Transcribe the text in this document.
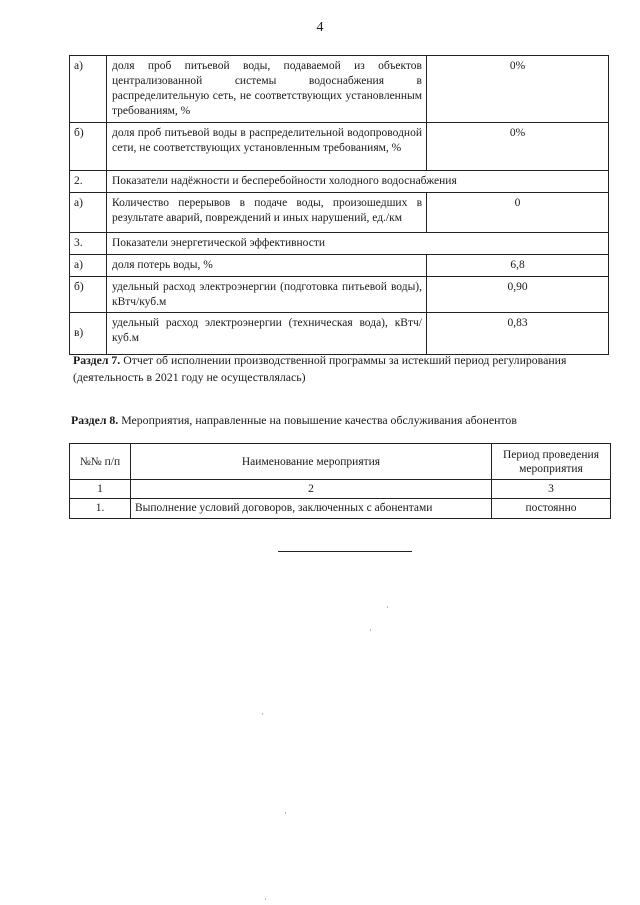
4
а)	доля проб питьевой воды, подаваемой из объектов централизованной системы водоснабжения в распределительную сеть, не соответствующих установленным требованиям, %	0%
б)	доля проб питьевой воды в распределительной водопроводной сети, не соответствующих установленным требованиям, %	0%
2.	Показатели надёжности и бесперебойности холодного водоснабжения	
а)	Количество перерывов в подаче воды, произошедших в результате аварий, повреждений и иных нарушений, ед./км	0
3.	Показатели энергетической эффективности	
а)	доля потерь воды, %	6,8
б)	удельный расход электроэнергии (подготовка питьевой воды), кВтч/куб.м	0,90
в)	удельный расход электроэнергии (техническая вода), кВтч/куб.м	0,83
Раздел 7. Отчет об исполнении производственной программы за истекший период регулирования (деятельность в 2021 году не осуществлялась)
Раздел 8. Мероприятия, направленные на повышение качества обслуживания абонентов
№№ п/п	Наименование мероприятия	Период проведения мероприятия
1	2	3
1.	Выполнение условий договоров, заключенных с абонентами	постоянно
